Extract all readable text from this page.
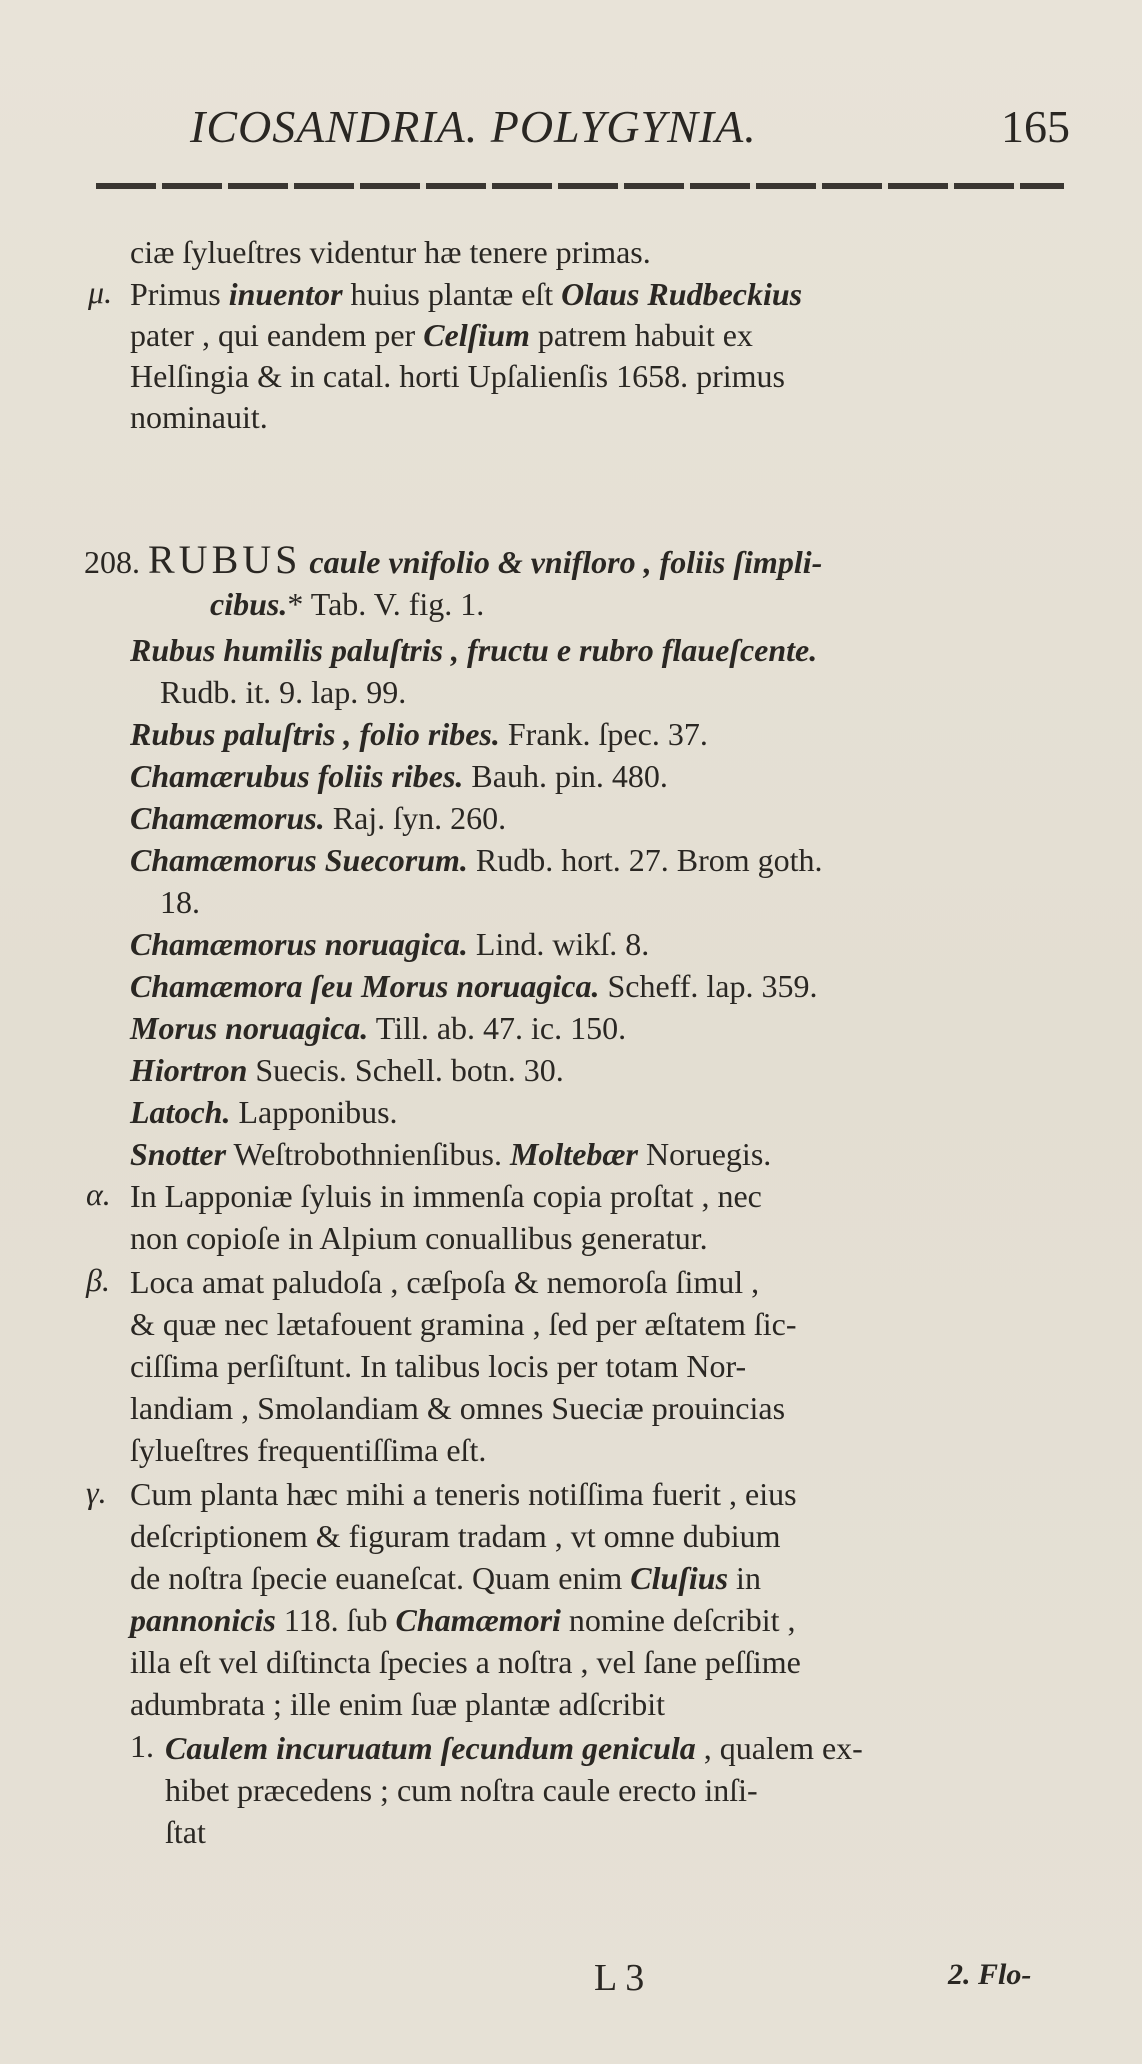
ICOSANDRIA. POLYGYNIA.	165
ciæ ſylueſtres videntur hæ tenere primas.
μ. Primus inuentor huius plantæ eſt Olaus Rudbeckius
pater , qui eandem per Celſium patrem habuit ex
Helſingia & in catal. horti Upſalienſis 1658. primus
nominauit.
208. RUBUS caule vnifolio & vnifloro , foliis ſimpli-
cibus.* Tab. V. fig. 1.
Rubus humilis paluſtris , fructu e rubro flaueſcente.
Rudb. it. 9. lap. 99.
Rubus paluſtris , folio ribes. Frank. ſpec. 37.
Chamærubus foliis ribes. Bauh. pin. 480.
Chamæmorus. Raj. ſyn. 260.
Chamæmorus Suecorum. Rudb. hort. 27. Brom goth.
18.
Chamæmorus noruagica. Lind. wikſ. 8.
Chamæmora ſeu Morus noruagica. Scheff. lap. 359.
Morus noruagica. Till. ab. 47. ic. 150.
Hiortron Suecis. Schell. botn. 30.
Latoch. Lapponibus.
Snotter Weſtrobothnienſibus. Moltebær Noruegis.
α. In Lapponiæ ſyluis in immenſa copia proſtat , nec
non copioſe in Alpium conuallibus generatur.
β. Loca amat paludoſa , cæſpoſa & nemoroſa ſimul ,
& quæ nec lætafouent gramina , ſed per æſtatem ſic-
ciſſima perſiſtunt. In talibus locis per totam Nor-
landiam , Smolandiam & omnes Sueciæ prouincias
ſylueſtres frequentiſſima eſt.
γ. Cum planta hæc mihi a teneris notiſſima fuerit , eius
deſcriptionem & figuram tradam , vt omne dubium
de noſtra ſpecie euaneſcat. Quam enim Cluſius in
pannonicis 118. ſub Chamæmori nomine deſcribit ,
illa eſt vel diſtincta ſpecies a noſtra , vel ſane peſſime
adumbrata ; ille enim ſuæ plantæ adſcribit
1. Caulem incuruatum ſecundum genicula , qualem ex-
hibet præcedens ; cum noſtra caule erecto inſi-
ſtat
L 3	2. Flo-
